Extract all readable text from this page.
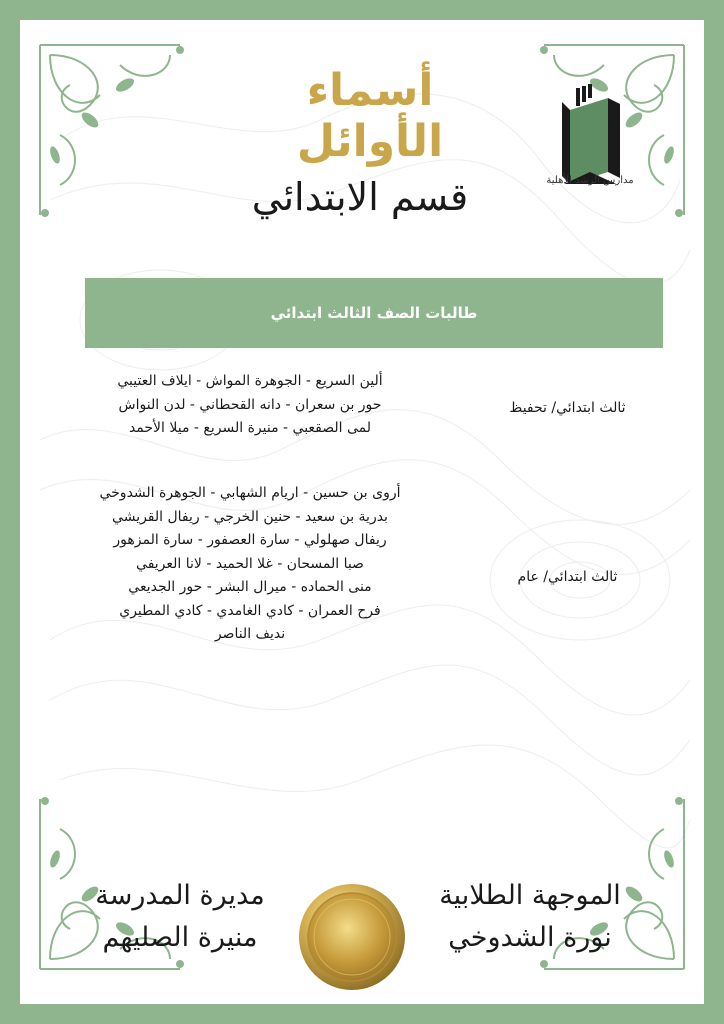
أسماء الأوائل
قسم الابتدائي	مدارس الرشد الأهلية
طالبات الصف الثالث ابتدائي
ثالث ابتدائي/ تحفيظ
ألين السريع - الجوهرة المواش - ايلاف العتيبي
حور بن سعران - دانه القحطاني - لدن النواش
لمى الصقعبي - منيرة السريع - ميلا الأحمد
ثالث ابتدائي/ عام
أروى بن حسين - اريام الشهابي - الجوهرة الشدوخي
بدرية بن سعيد - حنين الخرجي - ريفال القريشي
ريفال صهلولي - سارة العصفور - سارة المزهور
صبا المسحان - غلا الحميد - لانا العريفي
منى الحماده - ميرال البشر - حور الجديعي
فرح العمران - كادي الغامدي - كادي المطيري
نديف الناصر
الموجهة الطلابية
نورة الشدوخي
مديرة المدرسة
منيرة الصليهم
